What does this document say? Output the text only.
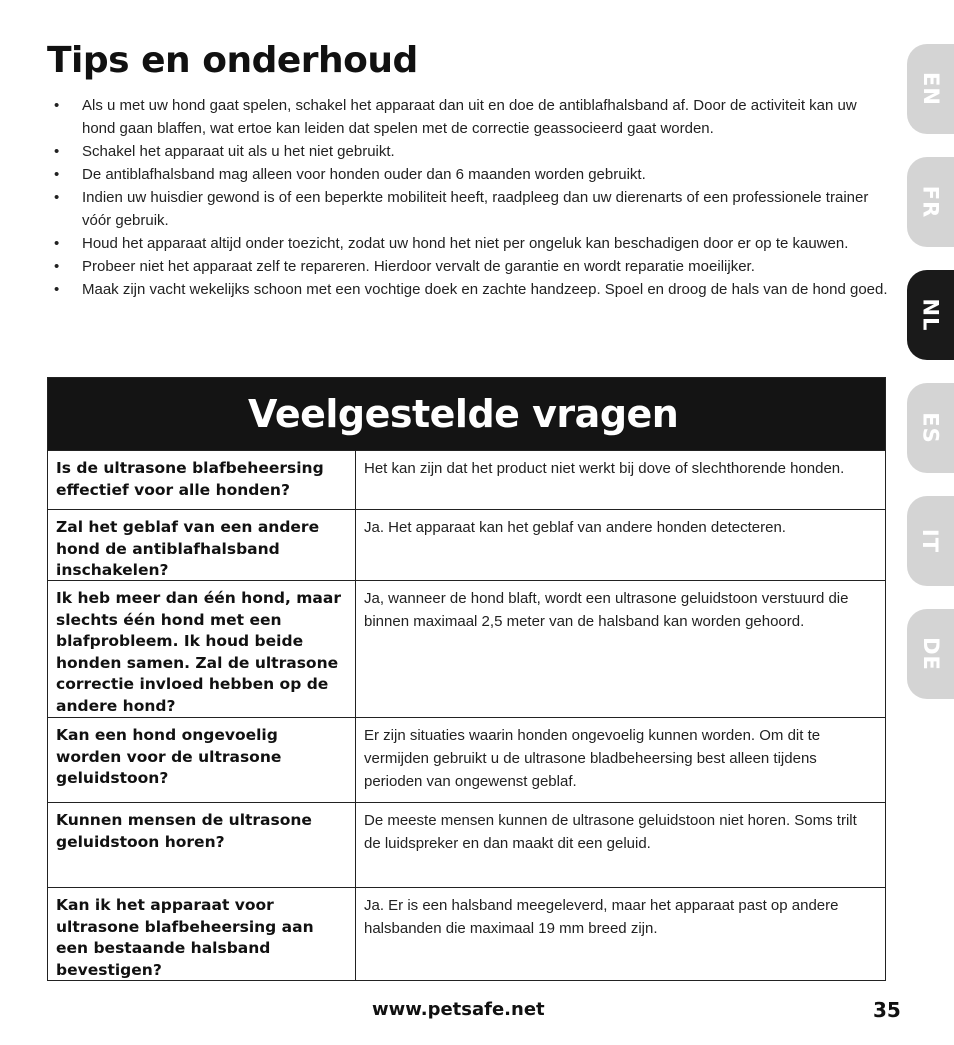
Tips en onderhoud
• Als u met uw hond gaat spelen, schakel het apparaat dan uit en doe de antiblafhalsband af. Door de activiteit kan uw hond gaan blaffen, wat ertoe kan leiden dat spelen met de correctie geassocieerd gaat worden.
• Schakel het apparaat uit als u het niet gebruikt.
• De antiblafhalsband mag alleen voor honden ouder dan 6 maanden worden gebruikt.
• Indien uw huisdier gewond is of een beperkte mobiliteit heeft, raadpleeg dan uw dierenarts of een professionele trainer vóór gebruik.
• Houd het apparaat altijd onder toezicht, zodat uw hond het niet per ongeluk kan beschadigen door er op te kauwen.
• Probeer niet het apparaat zelf te repareren. Hierdoor vervalt de garantie en wordt reparatie moeilijker.
• Maak zijn vacht wekelijks schoon met een vochtige doek en zachte handzeep. Spoel en droog de hals van de hond goed.
Veelgestelde vragen
Is de ultrasone blafbeheersing effectief voor alle honden?
Het kan zijn dat het product niet werkt bij dove of slechthorende honden.
Zal het geblaf van een andere hond de antiblafhalsband inschakelen?
Ja. Het apparaat kan het geblaf van andere honden detecteren.
Ik heb meer dan één hond, maar slechts één hond met een blafprobleem. Ik houd beide honden samen. Zal de ultrasone correctie invloed hebben op de andere hond?
Ja, wanneer de hond blaft, wordt een ultrasone geluidstoon verstuurd die binnen maximaal 2,5 meter van de halsband kan worden gehoord.
Kan een hond ongevoelig worden voor de ultrasone geluidstoon?
Er zijn situaties waarin honden ongevoelig kunnen worden. Om dit te vermijden gebruikt u de ultrasone bladbeheersing best alleen tijdens perioden van ongewenst geblaf.
Kunnen mensen de ultrasone geluidstoon horen?
De meeste mensen kunnen de ultrasone geluidstoon niet horen. Soms trilt de luidspreker en dan maakt dit een geluid.
Kan ik het apparaat voor ultrasone blafbeheersing aan een bestaande halsband bevestigen?
Ja. Er is een halsband meegeleverd, maar het apparaat past op andere halsbanden die maximaal 19 mm breed zijn.
EN
FR
NL
ES
IT
DE
www.petsafe.net	35
